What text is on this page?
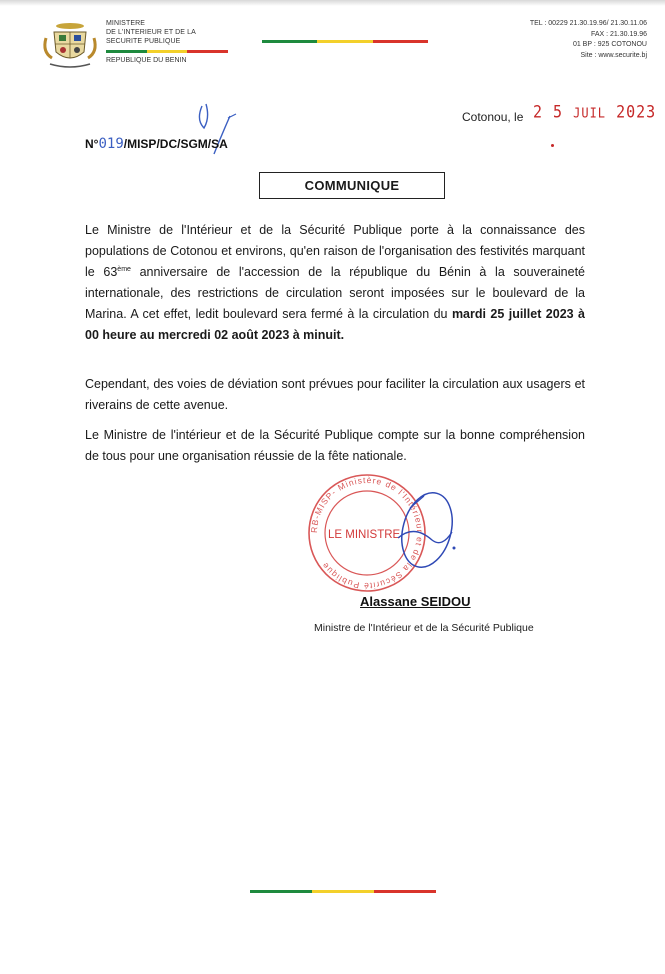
MINISTERE
DE L'INTERIEUR ET DE LA
SECURITE PUBLIQUE
REPUBLIQUE DU BENIN
TEL : 00229 21.30.19.96/ 21.30.11.06
FAX : 21.30.19.96
01 BP : 925 COTONOU
Site : www.securite.bj
Cotonou, le 2 5 JUIL 2023
N°019/MISP/DC/SGM/SA
COMMUNIQUE
Le Ministre de l'Intérieur et de la Sécurité Publique porte à la connaissance des populations de Cotonou et environs, qu'en raison de l'organisation des festivités marquant le 63ème anniversaire de l'accession de la république du Bénin à la souveraineté internationale, des restrictions de circulation seront imposées sur le boulevard de la Marina. A cet effet, ledit boulevard sera fermé à la circulation du mardi 25 juillet 2023 à 00 heure au mercredi 02 août 2023 à minuit.
Cependant, des voies de déviation sont prévues pour faciliter la circulation aux usagers et riverains de cette avenue.
Le Ministre de l'intérieur et de la Sécurité Publique compte sur la bonne compréhension de tous pour une organisation réussie de la fête nationale.
RB-MISP- Ministère de l'Intérieur et de la Sécurité Publique
LE MINISTRE
Alassane SEIDOU
Ministre de l'Intérieur et de la Sécurité Publique
